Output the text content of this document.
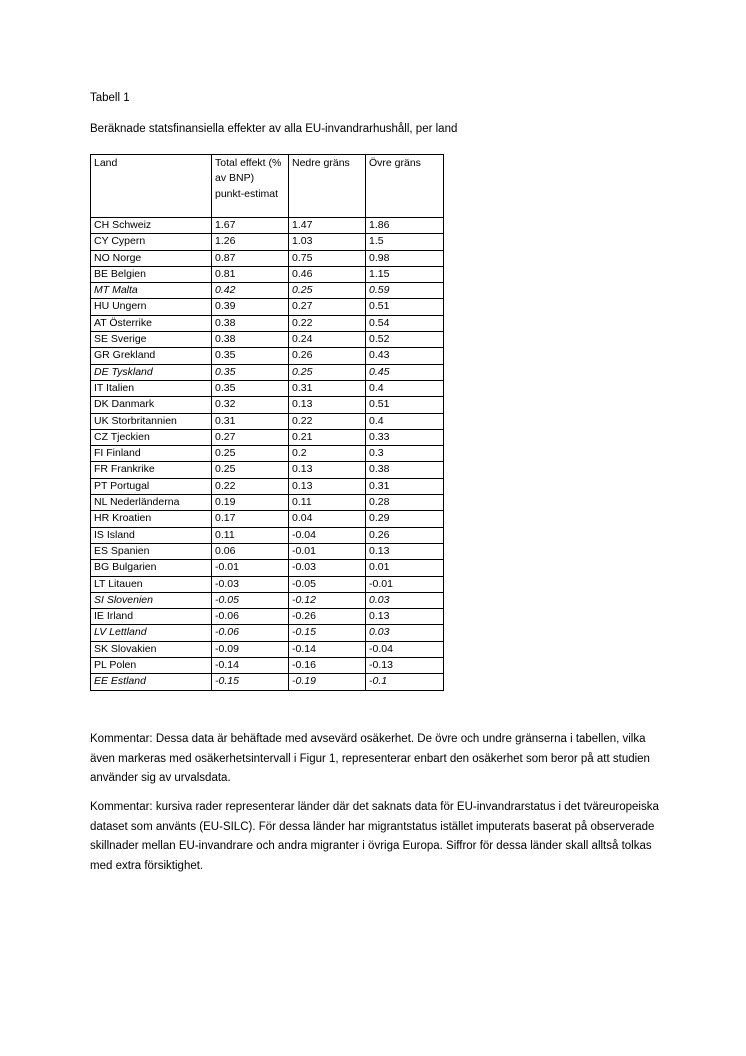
Tabell 1
Beräknade statsfinansiella effekter av alla EU-invandrarhushåll, per land
Land	Total effekt (% av BNP) punkt-estimat	Nedre gräns	Övre gräns
CH Schweiz	1.67	1.47	1.86
CY Cypern	1.26	1.03	1.5
NO Norge	0.87	0.75	0.98
BE Belgien	0.81	0.46	1.15
MT Malta	0.42	0.25	0.59
HU Ungern	0.39	0.27	0.51
AT Österrike	0.38	0.22	0.54
SE Sverige	0.38	0.24	0.52
GR Grekland	0.35	0.26	0.43
DE Tyskland	0.35	0.25	0.45
IT Italien	0.35	0.31	0.4
DK Danmark	0.32	0.13	0.51
UK Storbritannien	0.31	0.22	0.4
CZ Tjeckien	0.27	0.21	0.33
FI Finland	0.25	0.2	0.3
FR Frankrike	0.25	0.13	0.38
PT Portugal	0.22	0.13	0.31
NL Nederländerna	0.19	0.11	0.28
HR Kroatien	0.17	0.04	0.29
IS Island	0.11	-0.04	0.26
ES Spanien	0.06	-0.01	0.13
BG Bulgarien	-0.01	-0.03	0.01
LT Litauen	-0.03	-0.05	-0.01
SI Slovenien	-0.05	-0.12	0.03
IE Irland	-0.06	-0.26	0.13
LV Lettland	-0.06	-0.15	0.03
SK Slovakien	-0.09	-0.14	-0.04
PL Polen	-0.14	-0.16	-0.13
EE Estland	-0.15	-0.19	-0.1

Kommentar: Dessa data är behäftade med avsevärd osäkerhet. De övre och undre gränserna i tabellen, vilka även markeras med osäkerhetsintervall i Figur 1, representerar enbart den osäkerhet som beror på att studien använder sig av urvalsdata.

Kommentar: kursiva rader representerar länder där det saknats data för EU-invandrarstatus i det tväreuropeiska dataset som använts (EU-SILC). För dessa länder har migrantstatus istället imputerats baserat på observerade skillnader mellan EU-invandrare och andra migranter i övriga Europa. Siffror för dessa länder skall alltså tolkas med extra försiktighet.
